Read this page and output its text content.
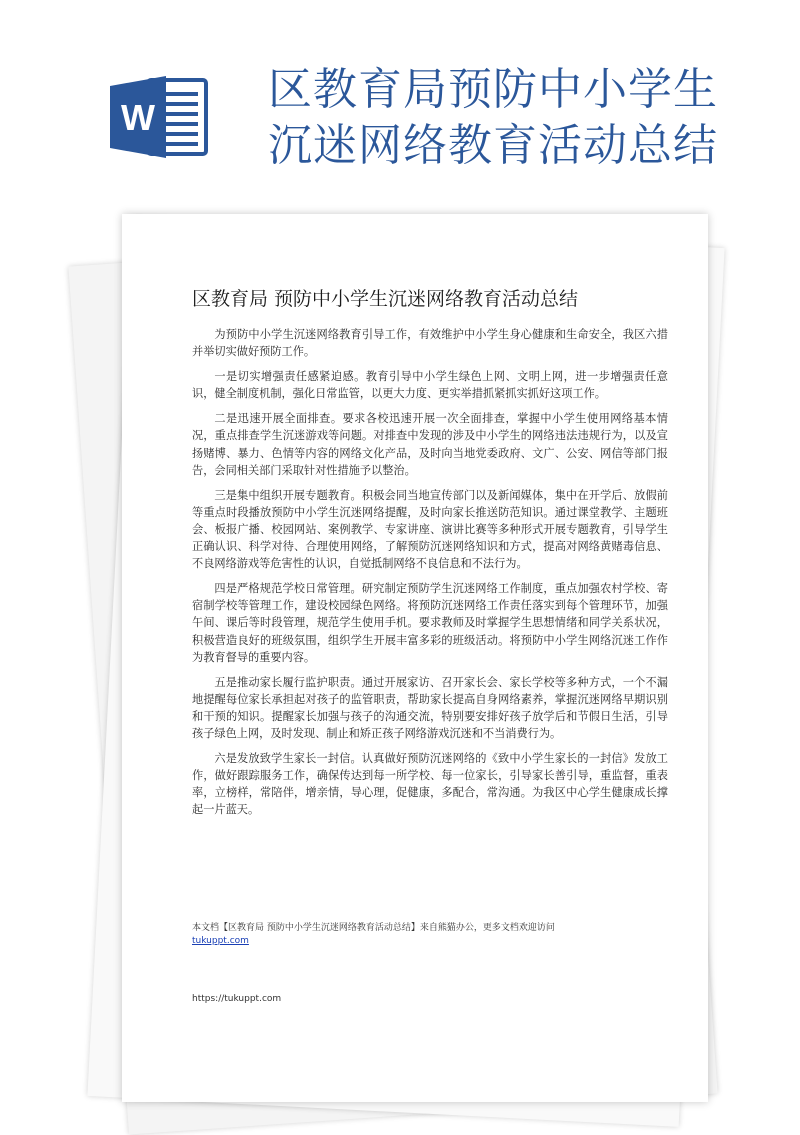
W
区教育局预防中小学生
沉迷网络教育活动总结
区教育局 预防中小学生沉迷网络教育活动总结

为预防中小学生沉迷网络教育引导工作，有效维护中小学生身心健康和生命安全，我区六措并举切实做好预防工作。

一是切实增强责任感紧迫感。教育引导中小学生绿色上网、文明上网，进一步增强责任意识，健全制度机制，强化日常监管，以更大力度、更实举措抓紧抓实抓好这项工作。

二是迅速开展全面排查。要求各校迅速开展一次全面排查，掌握中小学生使用网络基本情况，重点排查学生沉迷游戏等问题。对排查中发现的涉及中小学生的网络违法违规行为，以及宣扬赌博、暴力、色情等内容的网络文化产品，及时向当地党委政府、文广、公安、网信等部门报告，会同相关部门采取针对性措施予以整治。

三是集中组织开展专题教育。积极会同当地宣传部门以及新闻媒体，集中在开学后、放假前等重点时段播放预防中小学生沉迷网络提醒，及时向家长推送防范知识。通过课堂教学、主题班会、板报广播、校园网站、案例教学、专家讲座、演讲比赛等多种形式开展专题教育，引导学生正确认识、科学对待、合理使用网络，了解预防沉迷网络知识和方式，提高对网络黄赌毒信息、不良网络游戏等危害性的认识，自觉抵制网络不良信息和不法行为。

四是严格规范学校日常管理。研究制定预防学生沉迷网络工作制度，重点加强农村学校、寄宿制学校等管理工作，建设校园绿色网络。将预防沉迷网络工作责任落实到每个管理环节，加强午间、课后等时段管理，规范学生使用手机。要求教师及时掌握学生思想情绪和同学关系状况，积极营造良好的班级氛围，组织学生开展丰富多彩的班级活动。将预防中小学生网络沉迷工作作为教育督导的重要内容。

五是推动家长履行监护职责。通过开展家访、召开家长会、家长学校等多种方式，一个不漏地提醒每位家长承担起对孩子的监管职责，帮助家长提高自身网络素养，掌握沉迷网络早期识别和干预的知识。提醒家长加强与孩子的沟通交流，特别要安排好孩子放学后和节假日生活，引导孩子绿色上网，及时发现、制止和矫正孩子网络游戏沉迷和不当消费行为。

六是发放致学生家长一封信。认真做好预防沉迷网络的《致中小学生家长的一封信》发放工作，做好跟踪服务工作，确保传达到每一所学校、每一位家长，引导家长善引导，重监督，重表率，立榜样，常陪伴，增亲情，导心理，促健康，多配合，常沟通。为我区中心学生健康成长撑起一片蓝天。

本文档【区教育局 预防中小学生沉迷网络教育活动总结】来自熊猫办公，更多文档欢迎访问
tukuppt.com
https://tukuppt.com
